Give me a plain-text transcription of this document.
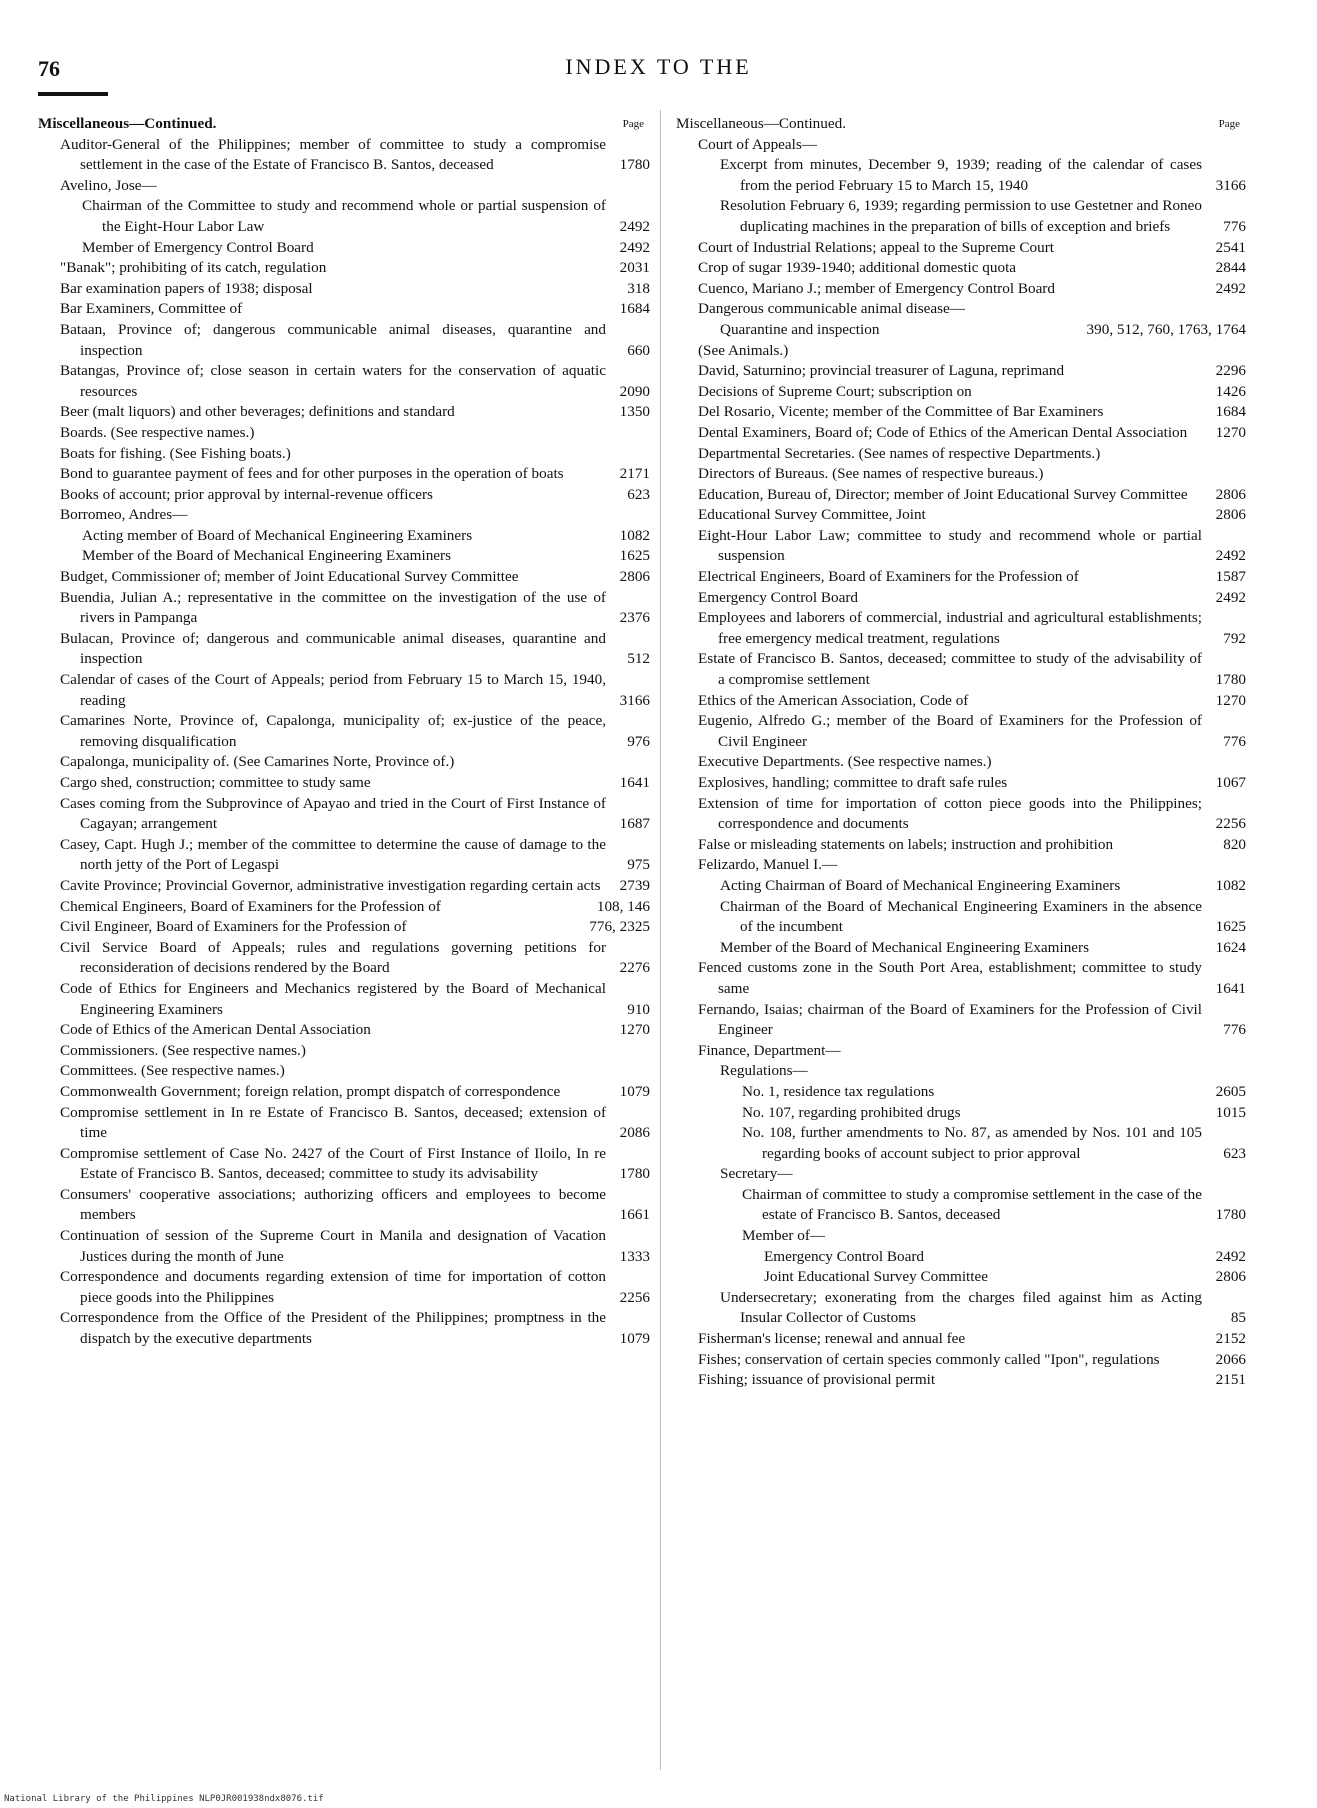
76	INDEX TO THE
Miscellaneous—Continued.	Page
Auditor-General of the Philippines; member of committee to study a compromise settlement in the case of the Estate of Francisco B. Santos, deceased	1780
Avelino, Jose—
Chairman of the Committee to study and recommend whole or partial suspension of the Eight-Hour Labor Law	2492
Member of Emergency Control Board	2492
"Banak"; prohibiting of its catch, regulation	2031
Bar examination papers of 1938; disposal	318
Bar Examiners, Committee of	1684
Bataan, Province of; dangerous communicable animal diseases, quarantine and inspection	660
Batangas, Province of; close season in certain waters for the conservation of aquatic resources	2090
Beer (malt liquors) and other beverages; definitions and standard	1350
Boards. (See respective names.)
Boats for fishing. (See Fishing boats.)
Bond to guarantee payment of fees and for other purposes in the operation of boats	2171
Books of account; prior approval by internal-revenue officers	623
Borromeo, Andres—
Acting member of Board of Mechanical Engineering Examiners	1082
Member of the Board of Mechanical Engineering Examiners	1625
Budget, Commissioner of; member of Joint Educational Survey Committee	2806
Buendia, Julian A.; representative in the committee on the investigation of the use of rivers in Pampanga	2376
Bulacan, Province of; dangerous and communicable animal diseases, quarantine and inspection	512
Calendar of cases of the Court of Appeals; period from February 15 to March 15, 1940, reading	3166
Camarines Norte, Province of, Capalonga, municipality of; ex-justice of the peace, removing disqualification	976
Capalonga, municipality of. (See Camarines Norte, Province of.)
Cargo shed, construction; committee to study same	1641
Cases coming from the Subprovince of Apayao and tried in the Court of First Instance of Cagayan; arrangement	1687
Casey, Capt. Hugh J.; member of the committee to determine the cause of damage to the north jetty of the Port of Legaspi	975
Cavite Province; Provincial Governor, administrative investigation regarding certain acts	2739
Chemical Engineers, Board of Examiners for the Profession of	108, 146
Civil Engineer, Board of Examiners for the Profession of	776, 2325
Civil Service Board of Appeals; rules and regulations governing petitions for reconsideration of decisions rendered by the Board	2276
Code of Ethics for Engineers and Mechanics registered by the Board of Mechanical Engineering Examiners	910
Code of Ethics of the American Dental Association	1270
Commissioners. (See respective names.)
Committees. (See respective names.)
Commonwealth Government; foreign relation, prompt dispatch of correspondence	1079
Compromise settlement in In re Estate of Francisco B. Santos, deceased; extension of time	2086
Compromise settlement of Case No. 2427 of the Court of First Instance of Iloilo, In re Estate of Francisco B. Santos, deceased; committee to study its advisability	1780
Consumers' cooperative associations; authorizing officers and employees to become members	1661
Continuation of session of the Supreme Court in Manila and designation of Vacation Justices during the month of June	1333
Correspondence and documents regarding extension of time for importation of cotton piece goods into the Philippines	2256
Correspondence from the Office of the President of the Philippines; promptness in the dispatch by the executive departments	1079
Miscellaneous—Continued.	Page
Court of Appeals—
Excerpt from minutes, December 9, 1939; reading of the calendar of cases from the period February 15 to March 15, 1940	3166
Resolution February 6, 1939; regarding permission to use Gestetner and Roneo duplicating machines in the preparation of bills of exception and briefs	776
Court of Industrial Relations; appeal to the Supreme Court	2541
Crop of sugar 1939-1940; additional domestic quota	2844
Cuenco, Mariano J.; member of Emergency Control Board	2492
Dangerous communicable animal disease—
Quarantine and inspection	390, 512, 760, 1763, 1764
(See Animals.)
David, Saturnino; provincial treasurer of Laguna, reprimand	2296
Decisions of Supreme Court; subscription on	1426
Del Rosario, Vicente; member of the Committee of Bar Examiners	1684
Dental Examiners, Board of; Code of Ethics of the American Dental Association	1270
Departmental Secretaries. (See names of respective Departments.)
Directors of Bureaus. (See names of respective bureaus.)
Education, Bureau of, Director; member of Joint Educational Survey Committee	2806
Educational Survey Committee, Joint	2806
Eight-Hour Labor Law; committee to study and recommend whole or partial suspension	2492
Electrical Engineers, Board of Examiners for the Profession of	1587
Emergency Control Board	2492
Employees and laborers of commercial, industrial and agricultural establishments; free emergency medical treatment, regulations	792
Estate of Francisco B. Santos, deceased; committee to study of the advisability of a compromise settlement	1780
Ethics of the American Association, Code of	1270
Eugenio, Alfredo G.; member of the Board of Examiners for the Profession of Civil Engineer	776
Executive Departments. (See respective names.)
Explosives, handling; committee to draft safe rules	1067
Extension of time for importation of cotton piece goods into the Philippines; correspondence and documents	2256
False or misleading statements on labels; instruction and prohibition	820
Felizardo, Manuel I.—
Acting Chairman of Board of Mechanical Engineering Examiners	1082
Chairman of the Board of Mechanical Engineering Examiners in the absence of the incumbent	1625
Member of the Board of Mechanical Engineering Examiners	1624
Fenced customs zone in the South Port Area, establishment; committee to study same	1641
Fernando, Isaias; chairman of the Board of Examiners for the Profession of Civil Engineer	776
Finance, Department—
Regulations—
No. 1, residence tax regulations	2605
No. 107, regarding prohibited drugs	1015
No. 108, further amendments to No. 87, as amended by Nos. 101 and 105 regarding books of account subject to prior approval	623
Secretary—
Chairman of committee to study a compromise settlement in the case of the estate of Francisco B. Santos, deceased	1780
Member of—
Emergency Control Board	2492
Joint Educational Survey Committee	2806
Undersecretary; exonerating from the charges filed against him as Acting Insular Collector of Customs	85
Fisherman's license; renewal and annual fee	2152
Fishes; conservation of certain species commonly called "Ipon", regulations	2066
Fishing; issuance of provisional permit	2151
National Library of the Philippines NLP0JR001938ndx8076.tif
